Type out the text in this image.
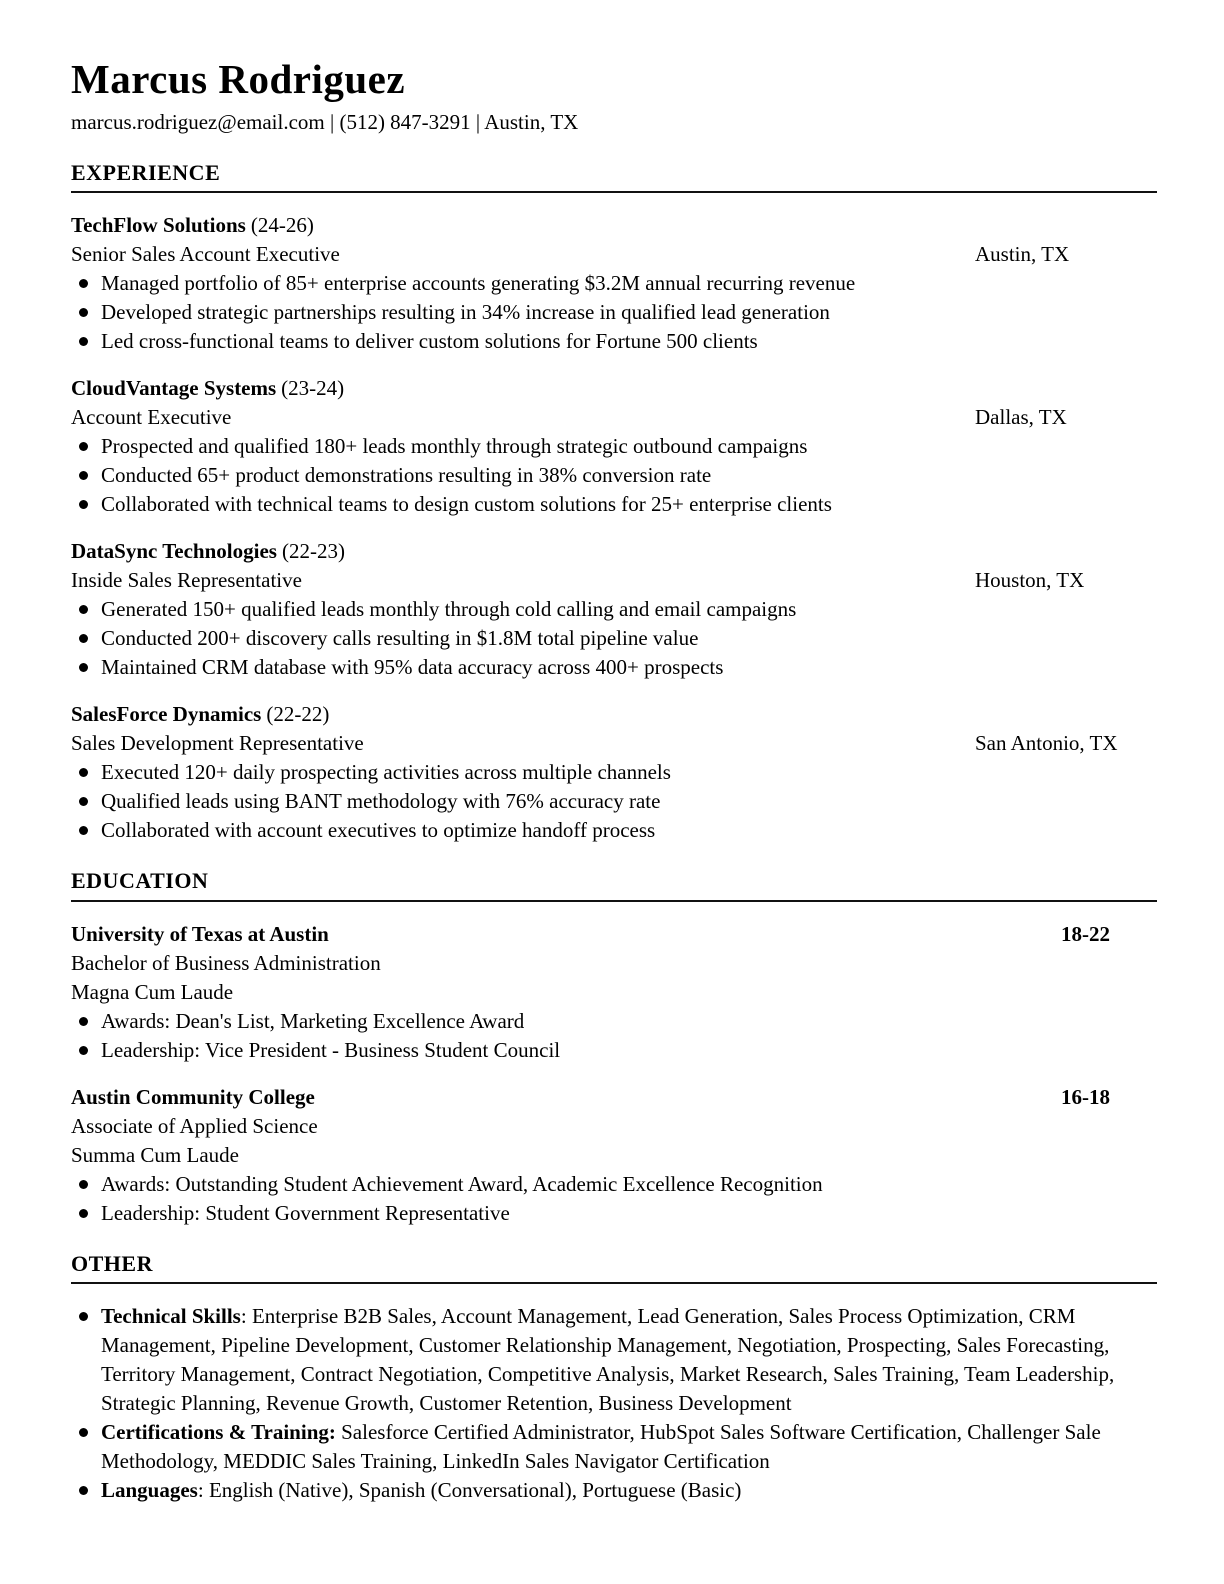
Marcus Rodriguez
marcus.rodriguez@email.com | (512) 847-3291 | Austin, TX
EXPERIENCE
TechFlow Solutions (24-26)
Senior Sales Account Executive	Austin, TX
Managed portfolio of 85+ enterprise accounts generating $3.2M annual recurring revenue
Developed strategic partnerships resulting in 34% increase in qualified lead generation
Led cross-functional teams to deliver custom solutions for Fortune 500 clients
CloudVantage Systems (23-24)
Account Executive	Dallas, TX
Prospected and qualified 180+ leads monthly through strategic outbound campaigns
Conducted 65+ product demonstrations resulting in 38% conversion rate
Collaborated with technical teams to design custom solutions for 25+ enterprise clients
DataSync Technologies (22-23)
Inside Sales Representative	Houston, TX
Generated 150+ qualified leads monthly through cold calling and email campaigns
Conducted 200+ discovery calls resulting in $1.8M total pipeline value
Maintained CRM database with 95% data accuracy across 400+ prospects
SalesForce Dynamics (22-22)
Sales Development Representative	San Antonio, TX
Executed 120+ daily prospecting activities across multiple channels
Qualified leads using BANT methodology with 76% accuracy rate
Collaborated with account executives to optimize handoff process
EDUCATION
University of Texas at Austin	18-22
Bachelor of Business Administration
Magna Cum Laude
Awards: Dean's List, Marketing Excellence Award
Leadership: Vice President - Business Student Council
Austin Community College	16-18
Associate of Applied Science
Summa Cum Laude
Awards: Outstanding Student Achievement Award, Academic Excellence Recognition
Leadership: Student Government Representative
OTHER
Technical Skills: Enterprise B2B Sales, Account Management, Lead Generation, Sales Process Optimization, CRM Management, Pipeline Development, Customer Relationship Management, Negotiation, Prospecting, Sales Forecasting, Territory Management, Contract Negotiation, Competitive Analysis, Market Research, Sales Training, Team Leadership, Strategic Planning, Revenue Growth, Customer Retention, Business Development
Certifications & Training: Salesforce Certified Administrator, HubSpot Sales Software Certification, Challenger Sale Methodology, MEDDIC Sales Training, LinkedIn Sales Navigator Certification
Languages: English (Native), Spanish (Conversational), Portuguese (Basic)
